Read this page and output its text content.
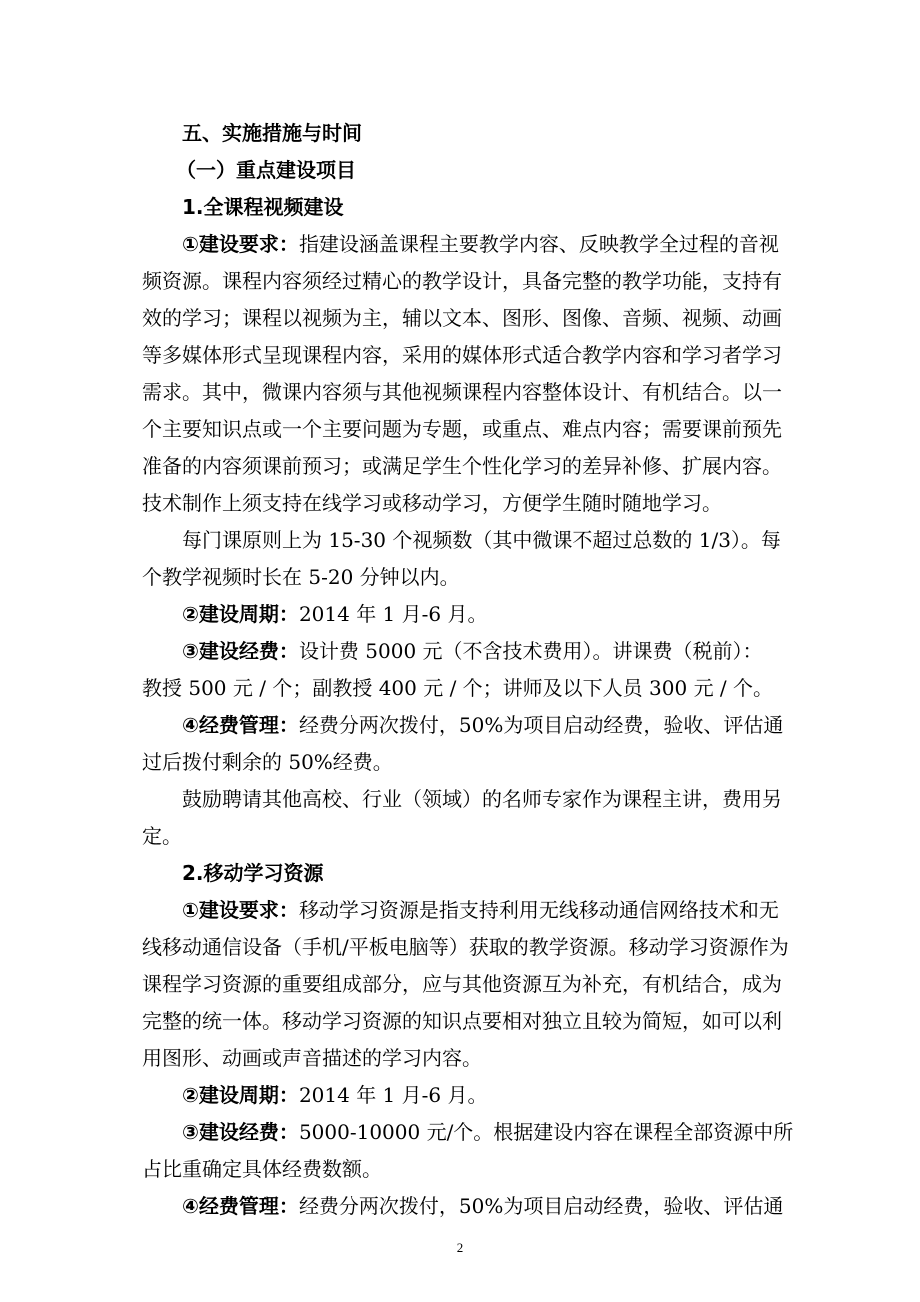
五、实施措施与时间
（一）重点建设项目
1.全课程视频建设
①建设要求：指建设涵盖课程主要教学内容、反映教学全过程的音视
频资源。课程内容须经过精心的教学设计，具备完整的教学功能，支持有
效的学习；课程以视频为主，辅以文本、图形、图像、音频、视频、动画
等多媒体形式呈现课程内容，采用的媒体形式适合教学内容和学习者学习
需求。其中，微课内容须与其他视频课程内容整体设计、有机结合。以一
个主要知识点或一个主要问题为专题，或重点、难点内容；需要课前预先
准备的内容须课前预习；或满足学生个性化学习的差异补修、扩展内容。
技术制作上须支持在线学习或移动学习，方便学生随时随地学习。
每门课原则上为 15-30 个视频数（其中微课不超过总数的 1/3）。每
个教学视频时长在 5-20 分钟以内。
②建设周期：2014 年 1 月-6 月。
③建设经费：设计费 5000 元（不含技术费用）。讲课费（税前）：
教授 500 元 / 个；副教授 400 元 / 个；讲师及以下人员 300 元 / 个。
④经费管理：经费分两次拨付，50%为项目启动经费，验收、评估通
过后拨付剩余的 50%经费。
鼓励聘请其他高校、行业（领域）的名师专家作为课程主讲，费用另
定。
2.移动学习资源
①建设要求：移动学习资源是指支持利用无线移动通信网络技术和无
线移动通信设备（手机/平板电脑等）获取的教学资源。移动学习资源作为
课程学习资源的重要组成部分，应与其他资源互为补充，有机结合，成为
完整的统一体。移动学习资源的知识点要相对独立且较为简短，如可以利
用图形、动画或声音描述的学习内容。
②建设周期：2014 年 1 月-6 月。
③建设经费：5000-10000 元/个。根据建设内容在课程全部资源中所
占比重确定具体经费数额。
④经费管理：经费分两次拨付，50%为项目启动经费，验收、评估通
2
